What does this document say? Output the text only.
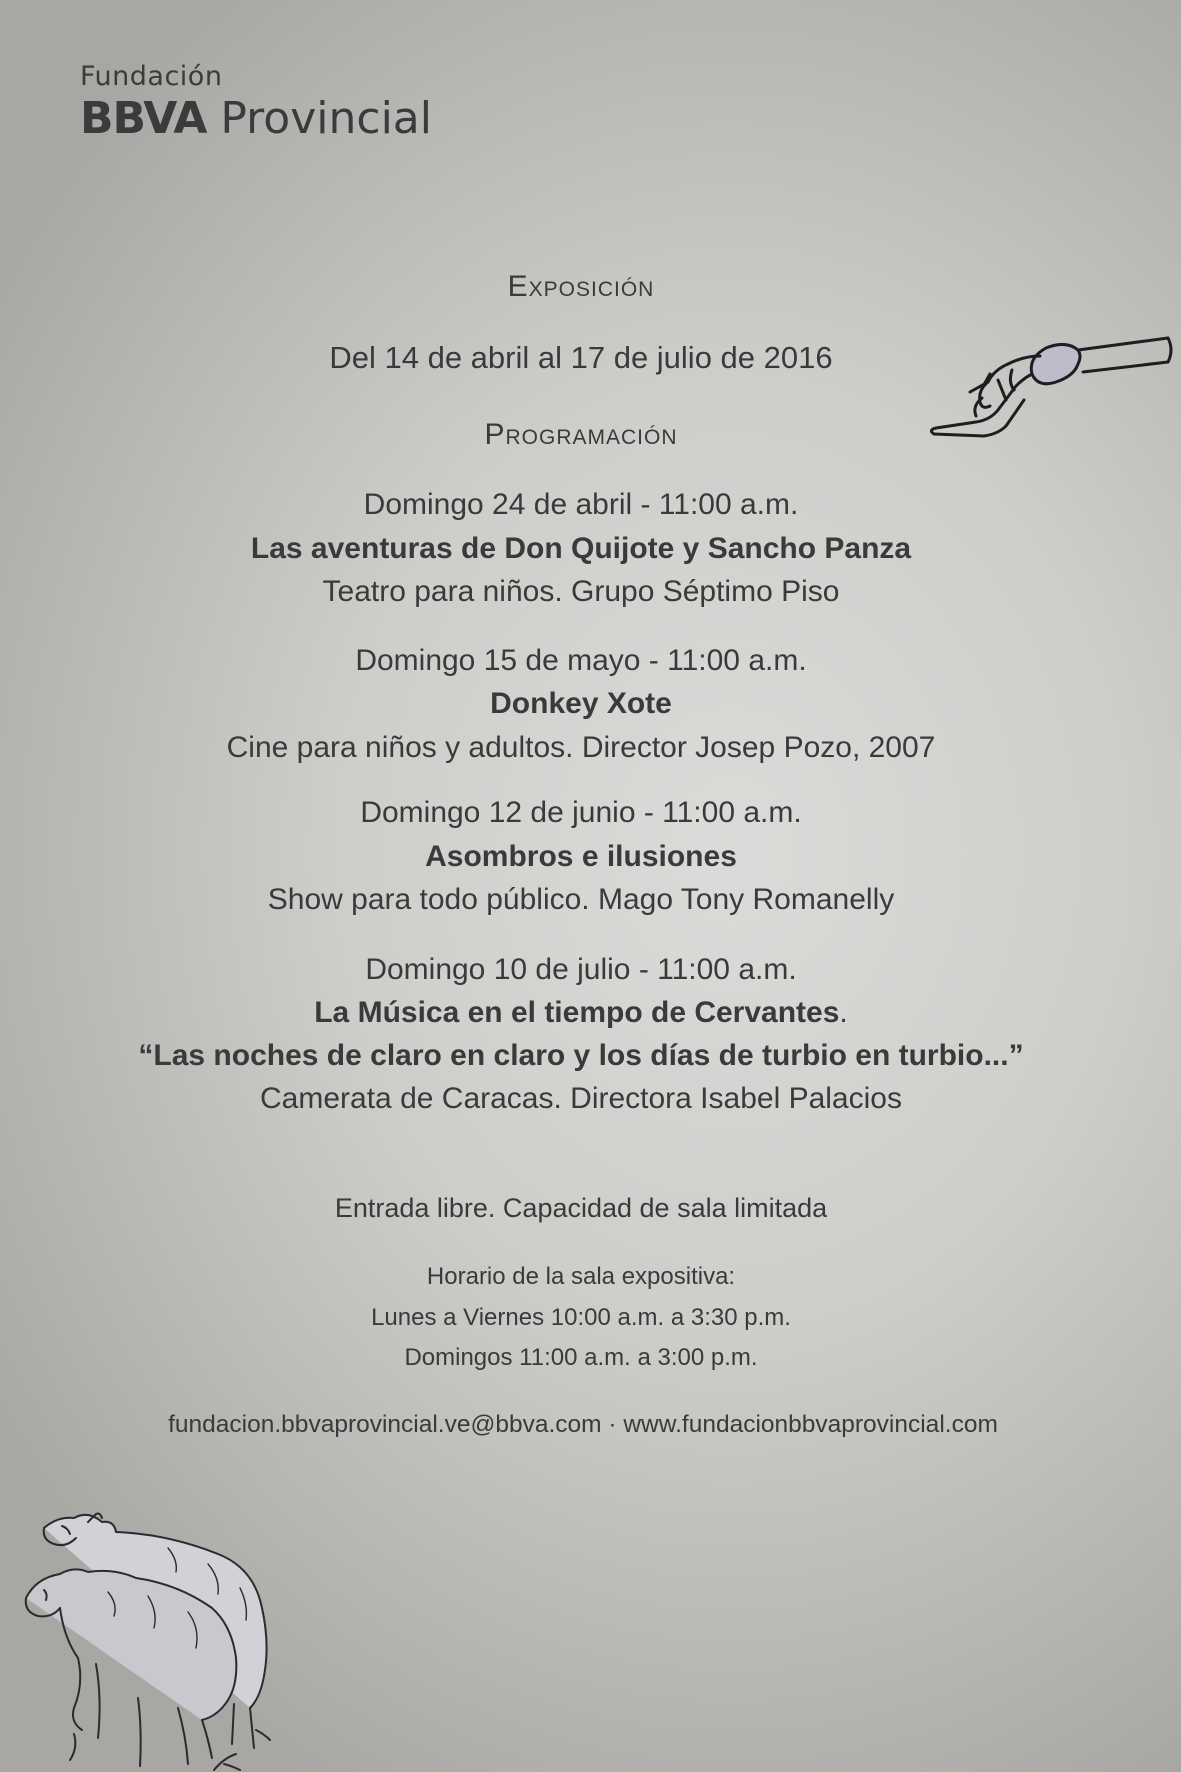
Fundación
BBVA Provincial
Exposición
Del 14 de abril al 17 de julio de 2016
Programación
Domingo 24 de abril - 11:00 a.m.
Las aventuras de Don Quijote y Sancho Panza
Teatro para niños. Grupo Séptimo Piso
Domingo 15 de mayo - 11:00 a.m.
Donkey Xote
Cine para niños y adultos. Director Josep Pozo, 2007
Domingo 12 de junio - 11:00 a.m.
Asombros e ilusiones
Show para todo público. Mago Tony Romanelly
Domingo 10 de julio - 11:00 a.m.
La Música en el tiempo de Cervantes.
“Las noches de claro en claro y los días de turbio en turbio...”
Camerata de Caracas. Directora Isabel Palacios
Entrada libre. Capacidad de sala limitada
Horario de la sala expositiva:
Lunes a Viernes 10:00 a.m. a 3:30 p.m.
Domingos 11:00 a.m. a 3:00 p.m.
fundacion.bbvaprovincial.ve@bbva.com · www.fundacionbbvaprovincial.com
